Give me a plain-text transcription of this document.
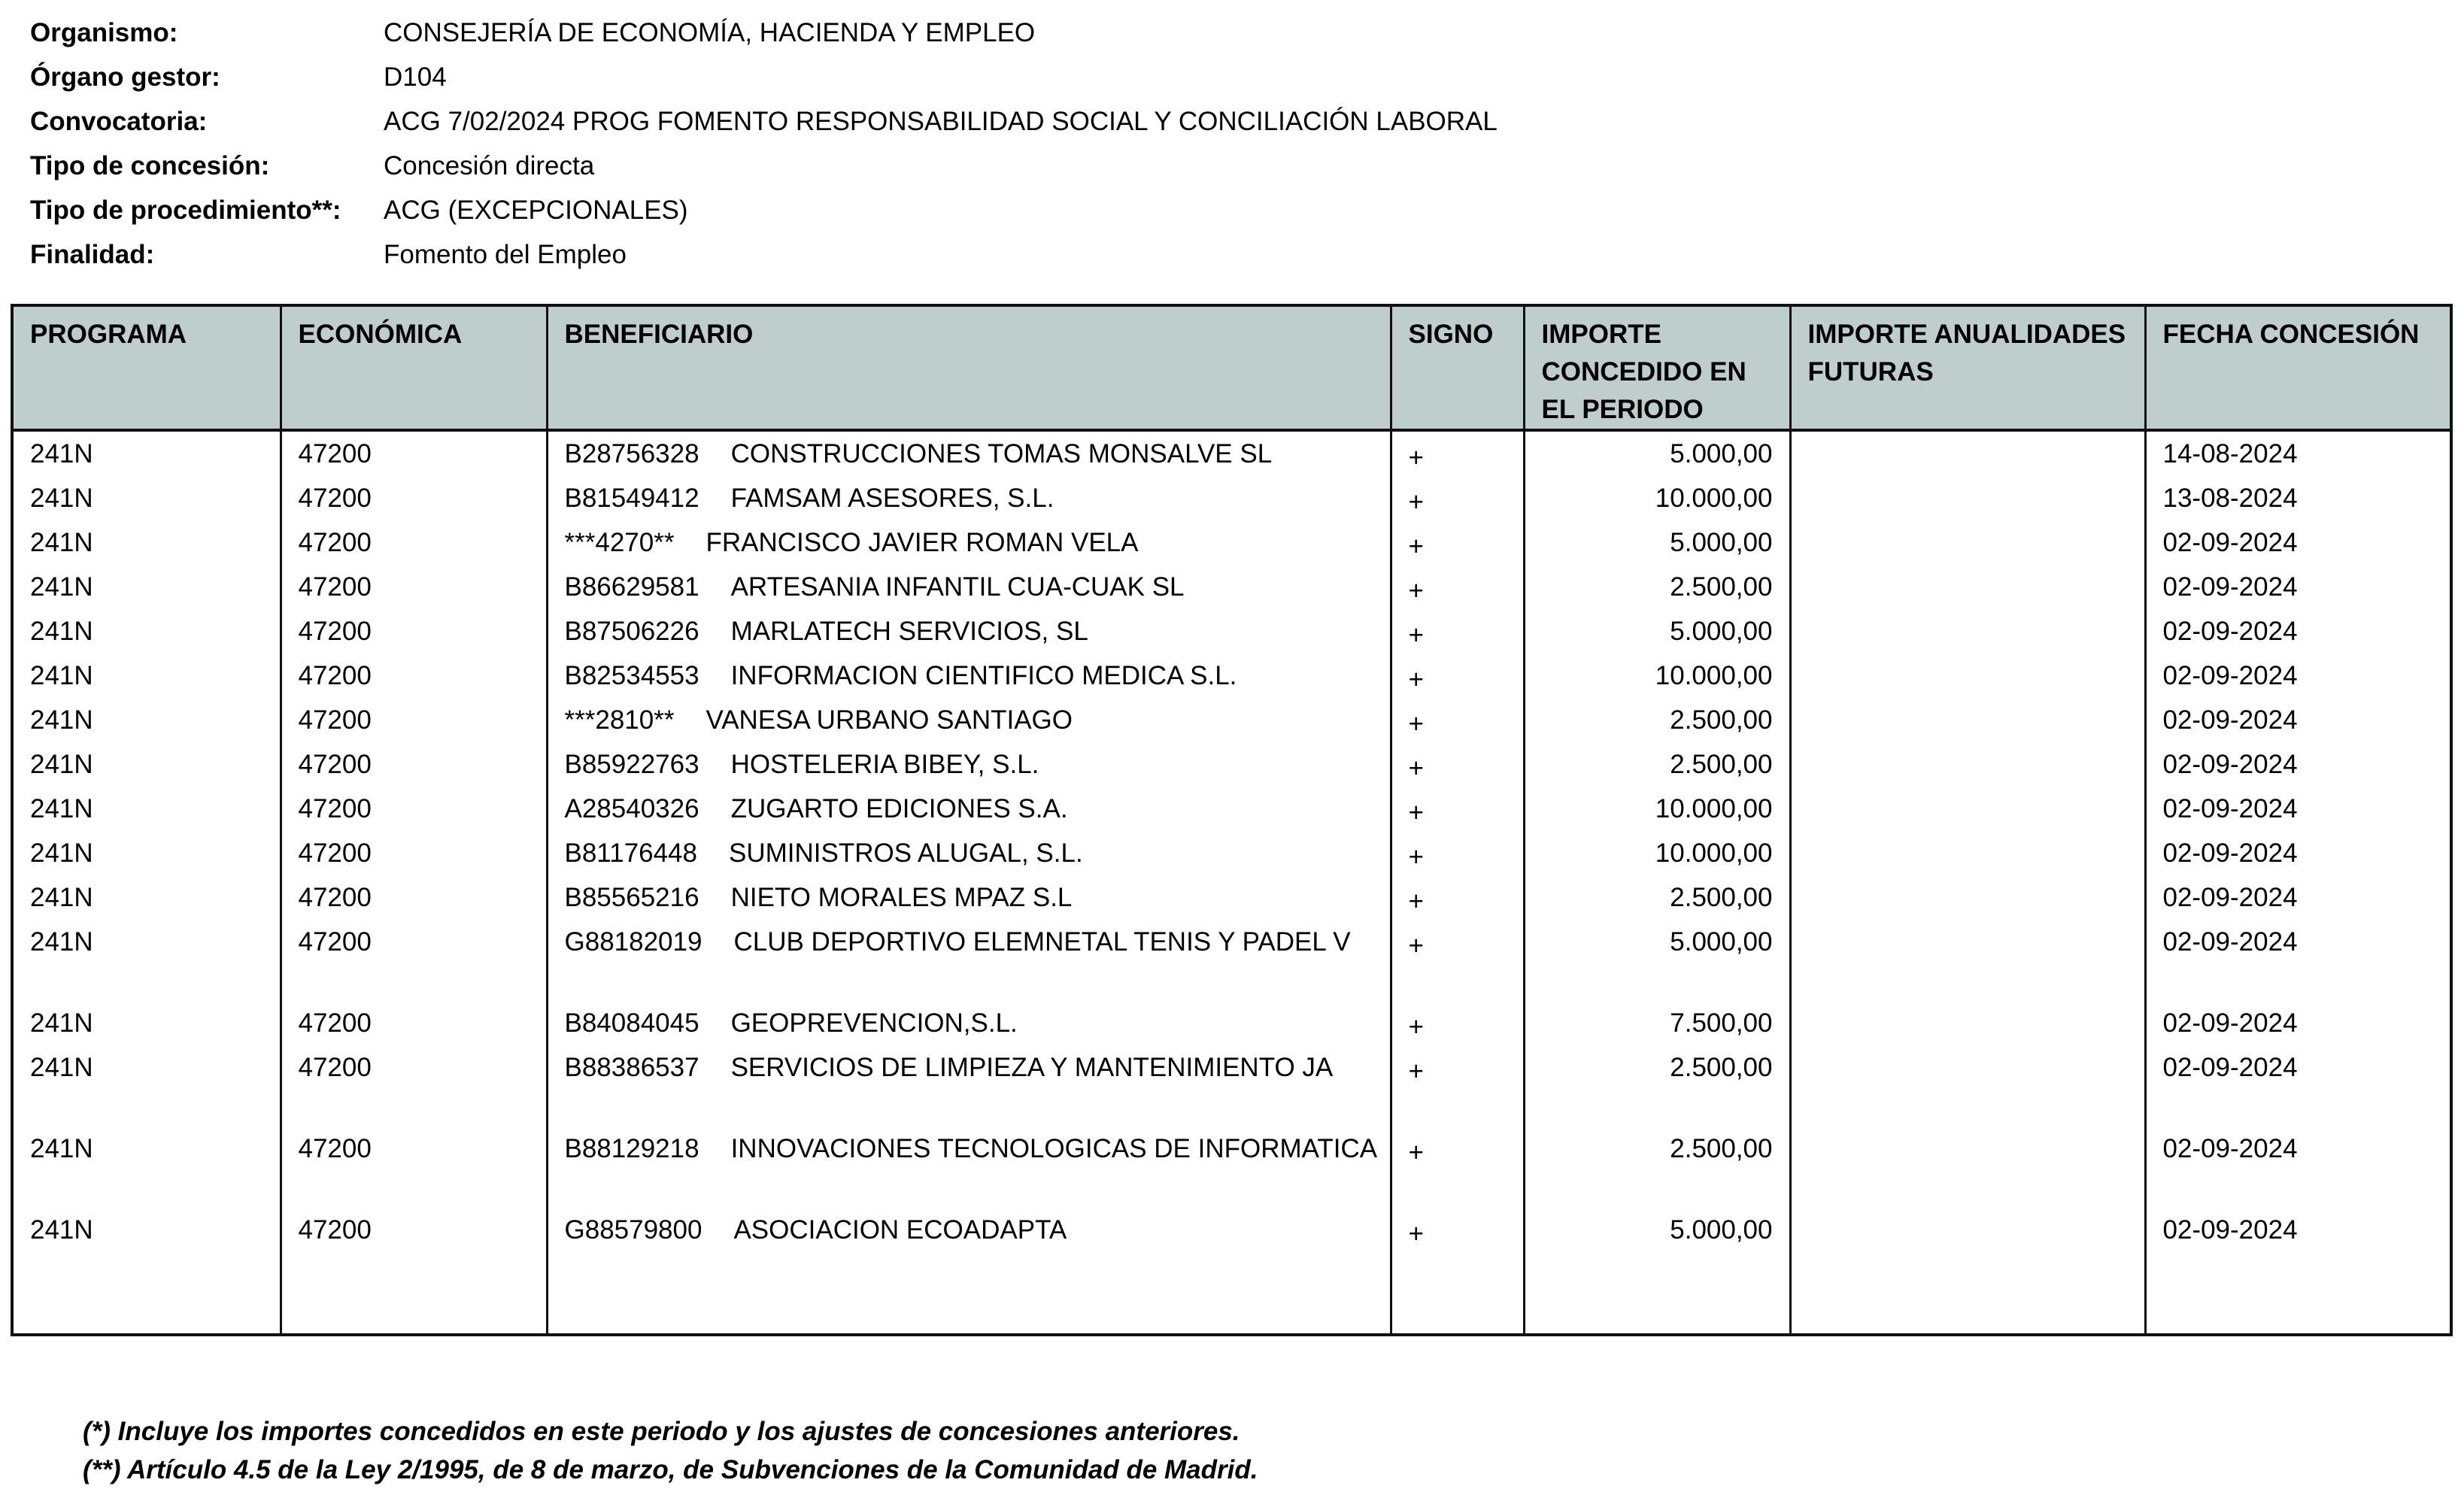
Organismo:	CONSEJERÍA DE ECONOMÍA, HACIENDA Y EMPLEO
Órgano gestor:	D104
Convocatoria:	ACG 7/02/2024 PROG FOMENTO RESPONSABILIDAD SOCIAL Y CONCILIACIÓN LABORAL
Tipo de concesión:	Concesión directa
Tipo de procedimiento**:	ACG (EXCEPCIONALES)
Finalidad:	Fomento del Empleo
PROGRAMA	ECONÓMICA	BENEFICIARIO	SIGNO	IMPORTE CONCEDIDO EN EL PERIODO	IMPORTE ANUALIDADES FUTURAS	FECHA CONCESIÓN
241N	47200	B28756328 CONSTRUCCIONES TOMAS MONSALVE SL	+	5.000,00		14-08-2024
241N	47200	B81549412 FAMSAM ASESORES, S.L.	+	10.000,00		13-08-2024
241N	47200	***4270** FRANCISCO JAVIER ROMAN VELA	+	5.000,00		02-09-2024
241N	47200	B86629581 ARTESANIA INFANTIL CUA-CUAK SL	+	2.500,00		02-09-2024
241N	47200	B87506226 MARLATECH SERVICIOS, SL	+	5.000,00		02-09-2024
241N	47200	B82534553 INFORMACION CIENTIFICO MEDICA S.L.	+	10.000,00		02-09-2024
241N	47200	***2810** VANESA URBANO SANTIAGO	+	2.500,00		02-09-2024
241N	47200	B85922763 HOSTELERIA BIBEY, S.L.	+	2.500,00		02-09-2024
241N	47200	A28540326 ZUGARTO EDICIONES S.A.	+	10.000,00		02-09-2024
241N	47200	B81176448 SUMINISTROS ALUGAL, S.L.	+	10.000,00		02-09-2024
241N	47200	B85565216 NIETO MORALES MPAZ S.L	+	2.500,00		02-09-2024
241N	47200	G88182019 CLUB DEPORTIVO ELEMNETAL TENIS Y PADEL V	+	5.000,00		02-09-2024
241N	47200	B84084045 GEOPREVENCION,S.L.	+	7.500,00		02-09-2024
241N	47200	B88386537 SERVICIOS DE LIMPIEZA Y MANTENIMIENTO JA	+	2.500,00		02-09-2024
241N	47200	B88129218 INNOVACIONES TECNOLOGICAS DE INFORMATICA	+	2.500,00		02-09-2024
241N	47200	G88579800 ASOCIACION ECOADAPTA	+	5.000,00		02-09-2024

(*) Incluye los importes concedidos en este periodo y los ajustes de concesiones anteriores.
(**) Artículo 4.5 de la Ley 2/1995, de 8 de marzo, de Subvenciones de la Comunidad de Madrid.
